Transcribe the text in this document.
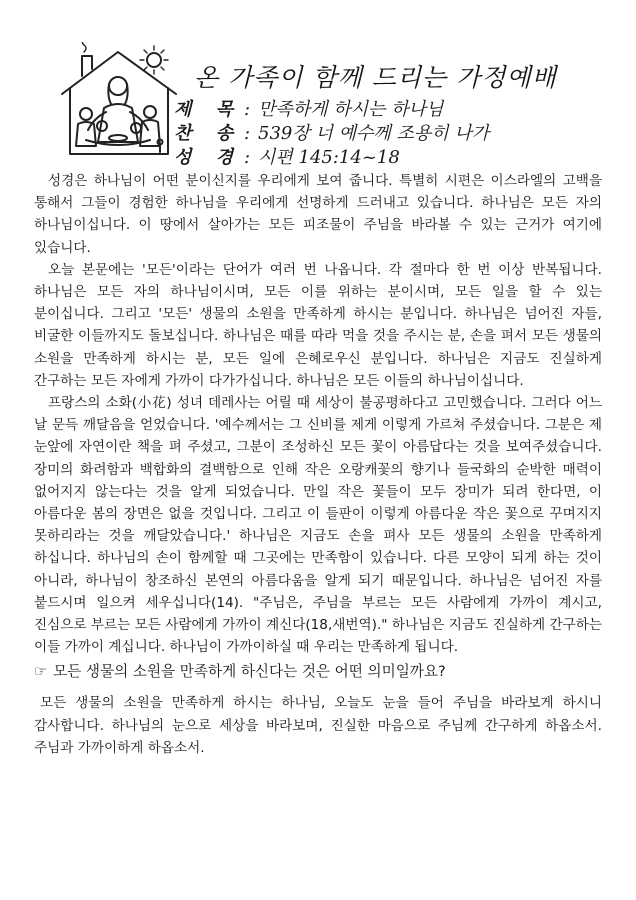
온 가족이 함께 드리는 가정예배
제 목 : 만족하게 하시는 하나님
찬 송 : 539장 너 예수께 조용히 나가
성 경 : 시편 145:14~18

성경은 하나님이 어떤 분이신지를 우리에게 보여 줍니다. 특별히 시편은 이스라엘의 고백을 통해서 그들이 경험한 하나님을 우리에게 선명하게 드러내고 있습니다. 하나님은 모든 자의 하나님이십니다. 이 땅에서 살아가는 모든 피조물이 주님을 바라볼 수 있는 근거가 여기에 있습니다.

오늘 본문에는 '모든'이라는 단어가 여러 번 나옵니다. 각 절마다 한 번 이상 반복됩니다. 하나님은 모든 자의 하나님이시며, 모든 이를 위하는 분이시며, 모든 일을 할 수 있는 분이십니다. 그리고 '모든' 생물의 소원을 만족하게 하시는 분입니다. 하나님은 넘어진 자들, 비굴한 이들까지도 돌보십니다. 하나님은 때를 따라 먹을 것을 주시는 분, 손을 펴서 모든 생물의 소원을 만족하게 하시는 분, 모든 일에 은혜로우신 분입니다. 하나님은 지금도 진실하게 간구하는 모든 자에게 가까이 다가가십니다. 하나님은 모든 이들의 하나님이십니다.

프랑스의 소화(小花) 성녀 데레사는 어릴 때 세상이 불공평하다고 고민했습니다. 그러다 어느 날 문득 깨달음을 얻었습니다. '예수께서는 그 신비를 제게 이렇게 가르쳐 주셨습니다. 그분은 제 눈앞에 자연이란 책을 펴 주셨고, 그분이 조성하신 모든 꽃이 아름답다는 것을 보여주셨습니다. 장미의 화려함과 백합화의 결백함으로 인해 작은 오랑캐꽃의 향기나 들국화의 순박한 매력이 없어지지 않는다는 것을 알게 되었습니다. 만일 작은 꽃들이 모두 장미가 되려 한다면, 이 아름다운 봄의 장면은 없을 것입니다. 그리고 이 들판이 이렇게 아름다운 작은 꽃으로 꾸며지지 못하리라는 것을 깨달았습니다.' 하나님은 지금도 손을 펴사 모든 생물의 소원을 만족하게 하십니다. 하나님의 손이 함께할 때 그곳에는 만족함이 있습니다. 다른 모양이 되게 하는 것이 아니라, 하나님이 창조하신 본연의 아름다움을 알게 되기 때문입니다. 하나님은 넘어진 자를 붙드시며 일으켜 세우십니다(14). "주님은, 주님을 부르는 모든 사람에게 가까이 계시고, 진심으로 부르는 모든 사람에게 가까이 계신다(18,새번역)." 하나님은 지금도 진실하게 간구하는 이들 가까이 계십니다. 하나님이 가까이하실 때 우리는 만족하게 됩니다.

☞ 모든 생물의 소원을 만족하게 하신다는 것은 어떤 의미일까요?

모든 생물의 소원을 만족하게 하시는 하나님, 오늘도 눈을 들어 주님을 바라보게 하시니 감사합니다. 하나님의 눈으로 세상을 바라보며, 진실한 마음으로 주님께 간구하게 하옵소서. 주님과 가까이하게 하옵소서.
